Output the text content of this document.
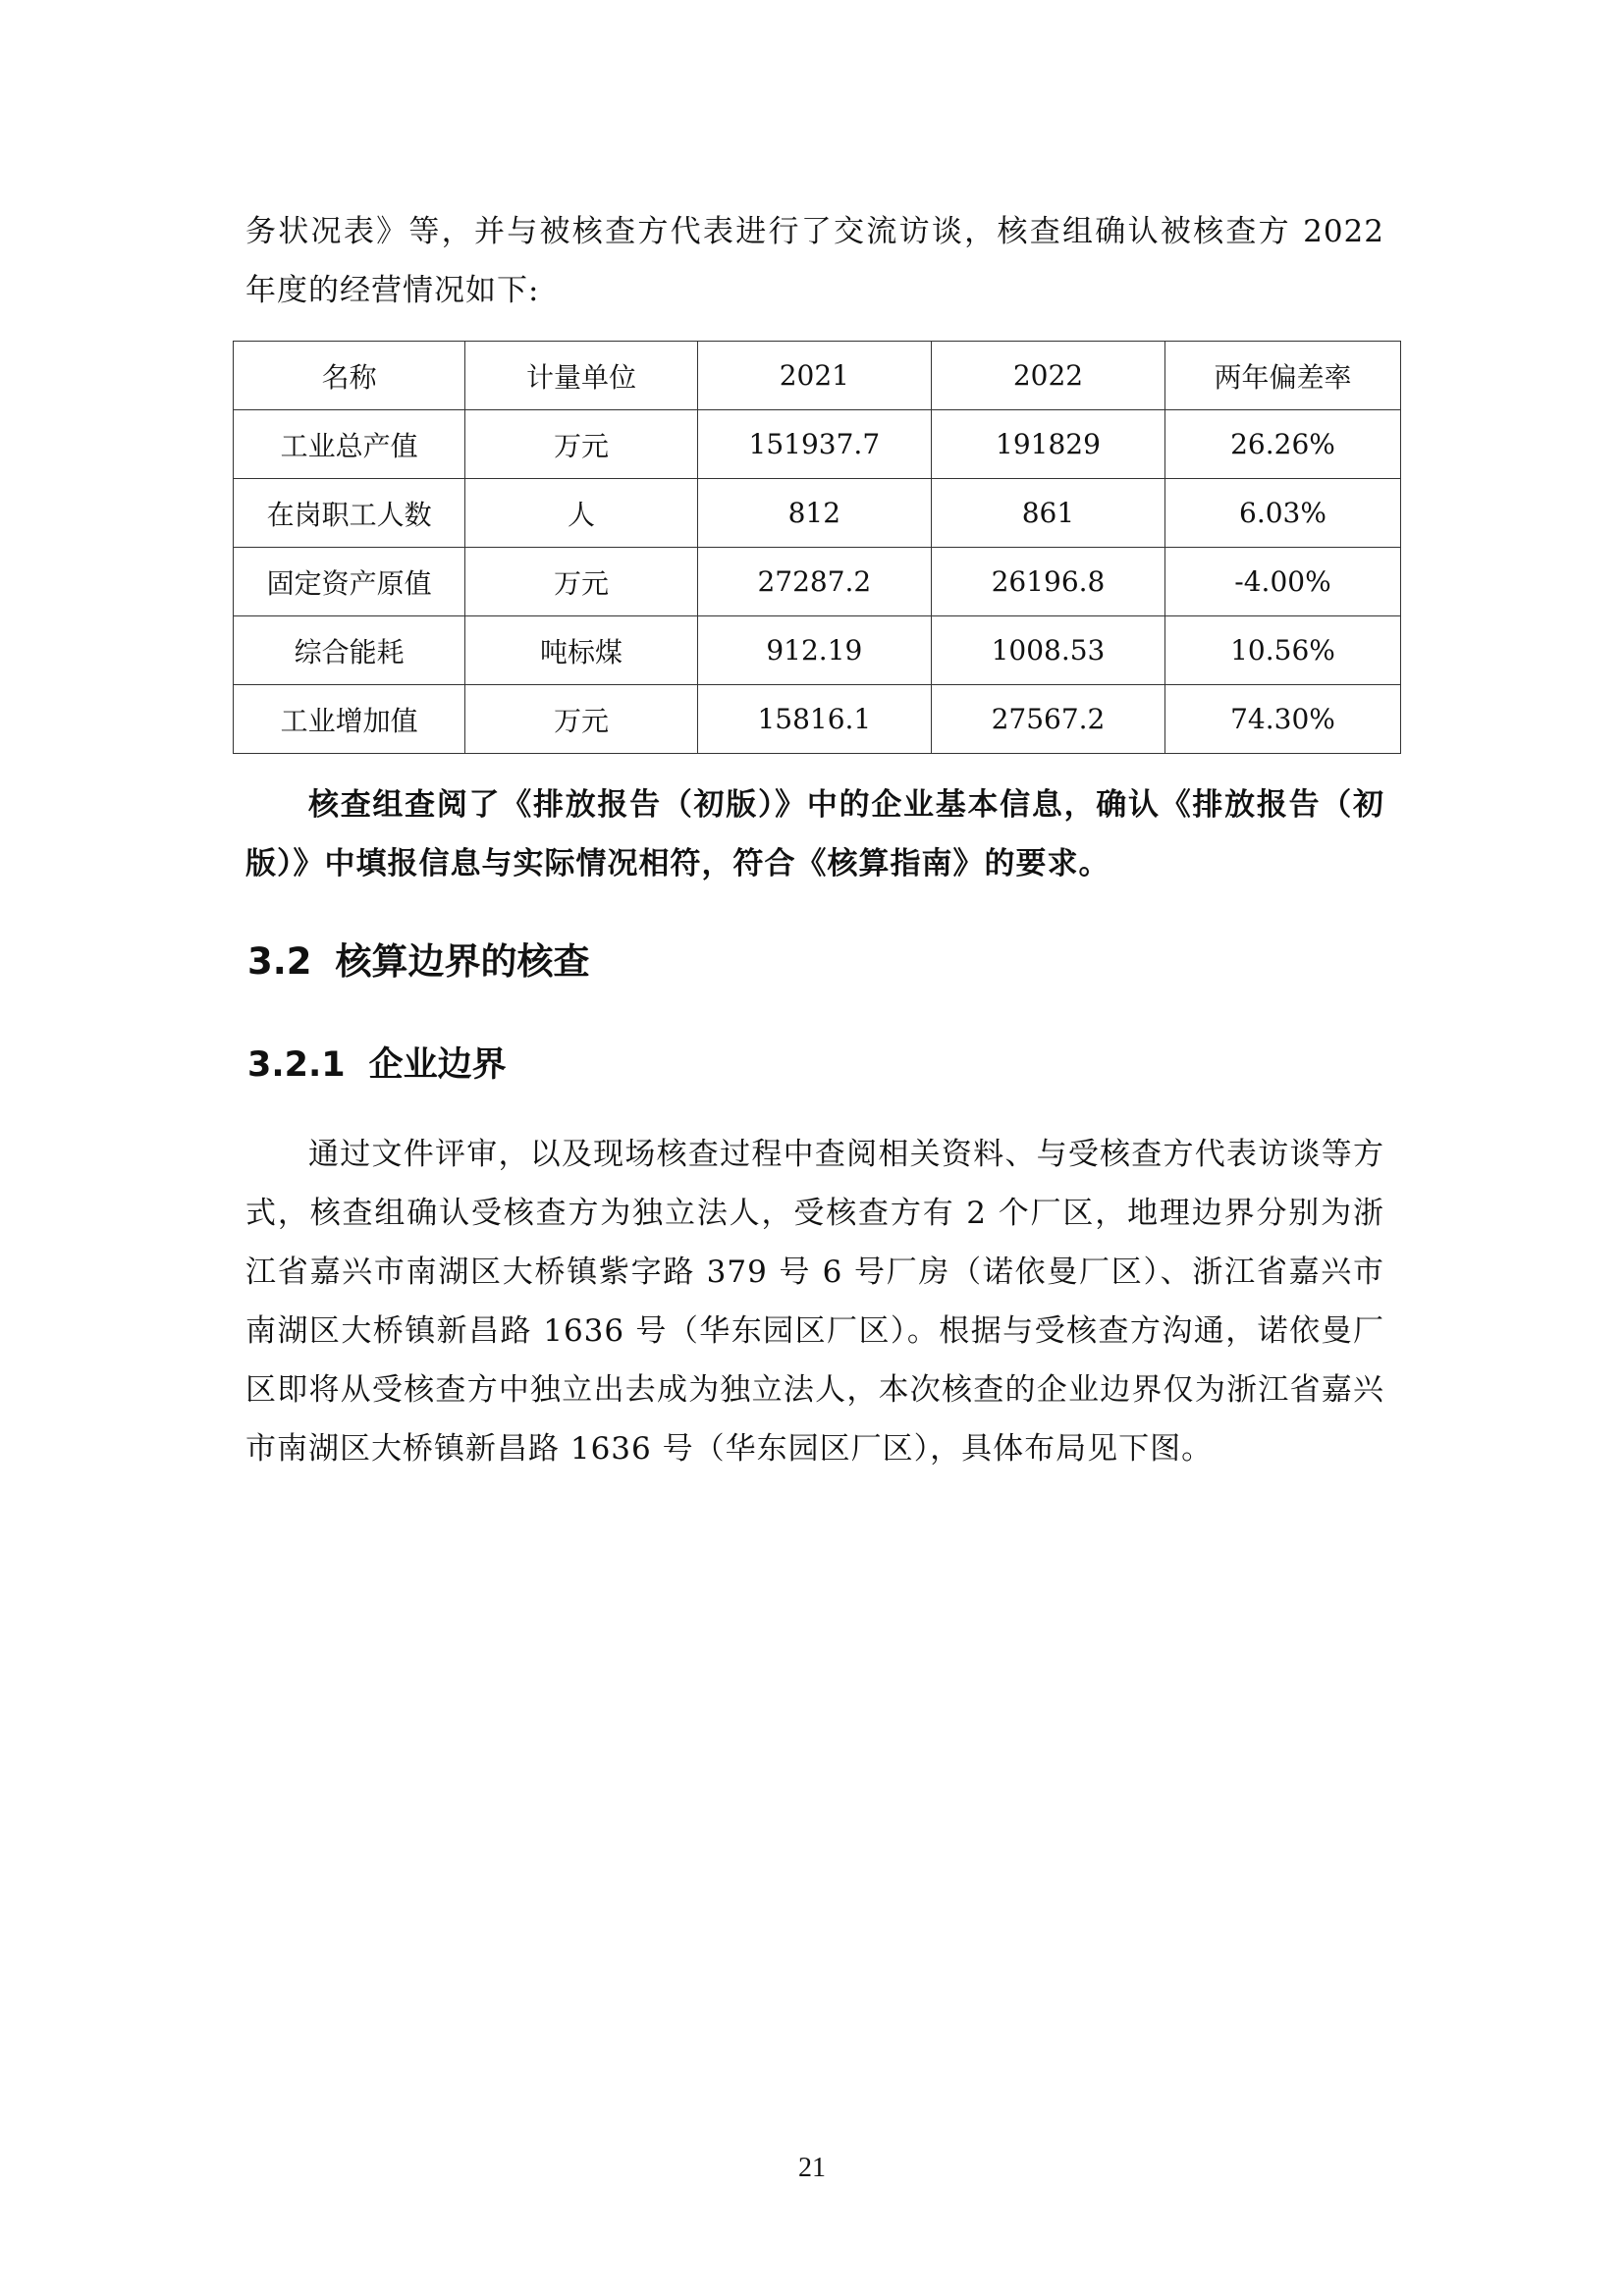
务状况表》等，并与被核查方代表进行了交流访谈，核查组确认被核查方 2022 年度的经营情况如下:

名称	计量单位	2021	2022	两年偏差率
工业总产值	万元	151937.7	191829	26.26%
在岗职工人数	人	812	861	6.03%
固定资产原值	万元	27287.2	26196.8	-4.00%
综合能耗	吨标煤	912.19	1008.53	10.56%
工业增加值	万元	15816.1	27567.2	74.30%

核查组查阅了《排放报告（初版）》中的企业基本信息，确认《排放报告（初版）》中填报信息与实际情况相符，符合《核算指南》的要求。

3.2 核算边界的核查
3.2.1 企业边界

通过文件评审，以及现场核查过程中查阅相关资料、与受核查方代表访谈等方式，核查组确认受核查方为独立法人，受核查方有 2 个厂区，地理边界分别为浙江省嘉兴市南湖区大桥镇紫字路 379 号 6 号厂房（诺依曼厂区）、浙江省嘉兴市南湖区大桥镇新昌路 1636 号（华东园区厂区）。根据与受核查方沟通，诺依曼厂区即将从受核查方中独立出去成为独立法人，本次核查的企业边界仅为浙江省嘉兴市南湖区大桥镇新昌路 1636 号（华东园区厂区），具体布局见下图。

21
